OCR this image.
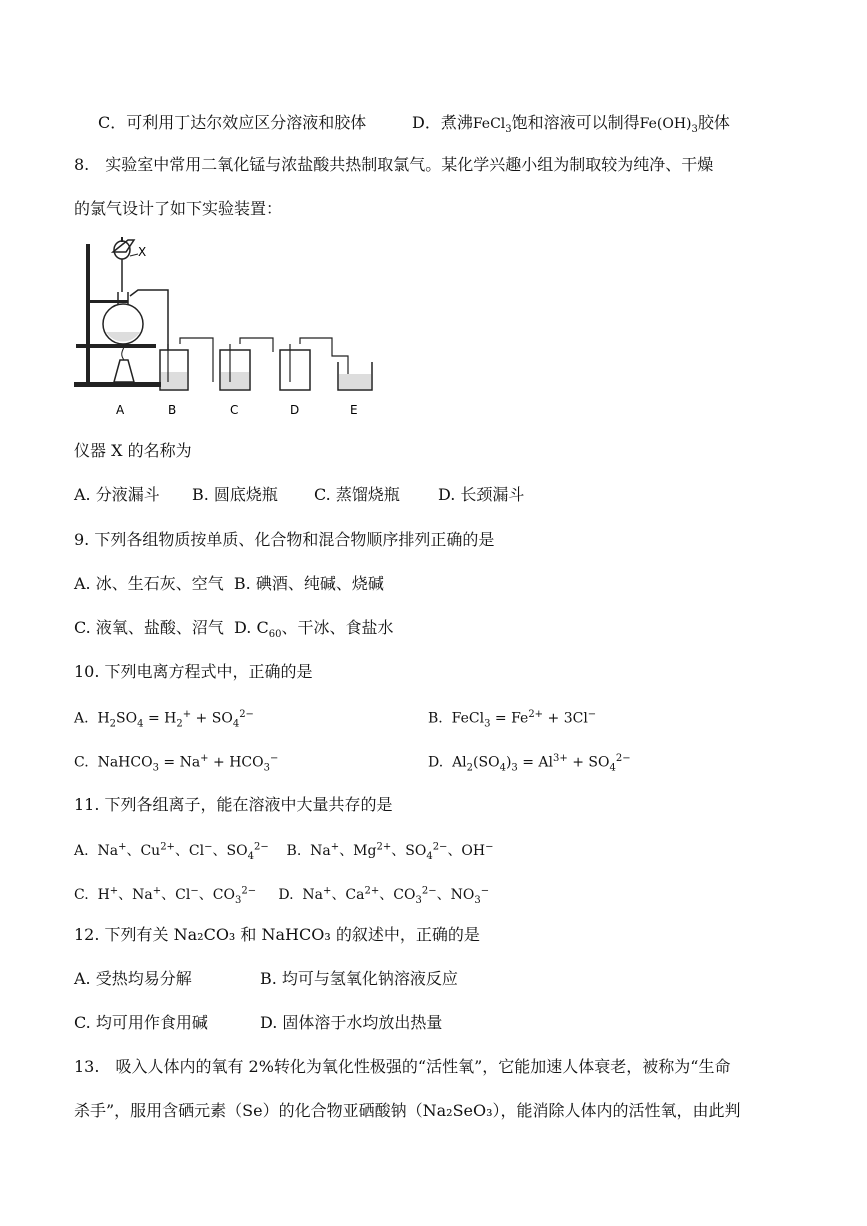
C．可利用丁达尔效应区分溶液和胶体	D．煮沸FeCl$_3$饱和溶液可以制得$Fe(OH)_3$胶体
8.　实验室中常用二氧化锰与浓盐酸共热制取氯气。某化学兴趣小组为制取较为纯净、干燥
的氯气设计了如下实验装置：
X
A	B	C	D	E
仪器 X 的名称为
A. 分液漏斗 B. 圆底烧瓶 C. 蒸馏烧瓶 D. 长颈漏斗
9. 下列各组物质按单质、化合物和混合物顺序排列正确的是
A. 冰、生石灰、空气 B. 碘酒、纯碱、烧碱
C. 液氧、盐酸、沼气 D. $C_{60}$、干冰、食盐水
10. 下列电离方程式中，正确的是
A.  $H_2SO_4 = H_2^+ + SO_4^{2-}$	B.  FeCl$_3$ = $Fe^{2+} + 3Cl^-$
C.  NaHCO$_3$ = $Na^+ + HCO_3^-$	D.  $Al_2(SO_4)_3 = Al^{3+} + SO_4^{2-}$
11. 下列各组离子，能在溶液中大量共存的是
A.  Na+、$Cu^{2+}$、Cl−、$SO_4^{2-}$ B.  Na+、$Mg^{2+}$、$SO_4^{2-}$、OH−
C.  H+、Na+、Cl−、$CO_3^{2-}$ D.  Na+、$Ca^{2+}$、$CO_3^{2-}$、$NO_3^-$
12. 下列有关 Na₂CO₃ 和 NaHCO₃ 的叙述中，正确的是
A. 受热均易分解	B. 均可与氢氧化钠溶液反应
C. 均可用作食用碱	D. 固体溶于水均放出热量
13.　吸入人体内的氧有 2%转化为氧化性极强的“活性氧”，它能加速人体衰老，被称为“生命
杀手”，服用含硒元素（Se）的化合物亚硒酸钠（Na₂SeO₃），能消除人体内的活性氧，由此判
